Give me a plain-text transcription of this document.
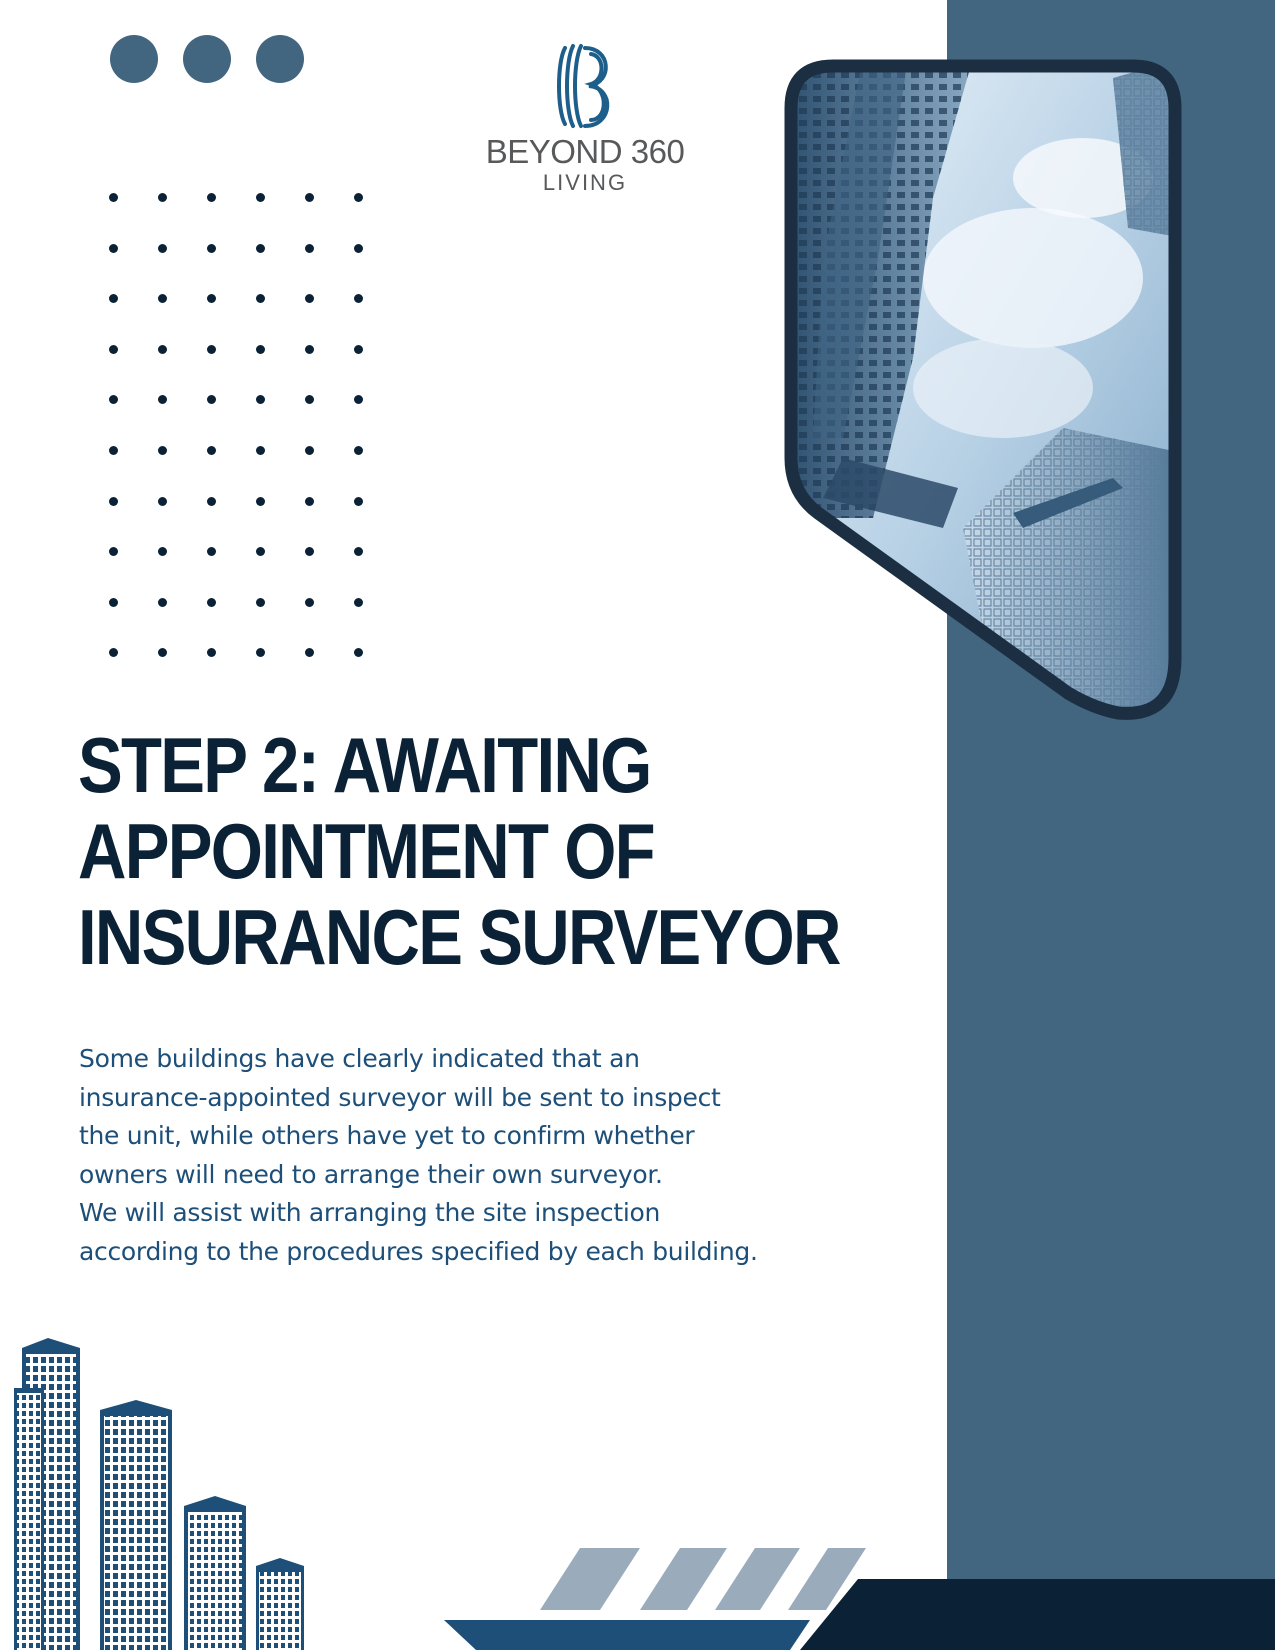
BEYOND 360
LIVING
STEP 2: AWAITING
APPOINTMENT OF
INSURANCE SURVEYOR

Some buildings have clearly indicated that an
insurance-appointed surveyor will be sent to inspect
the unit, while others have yet to confirm whether
owners will need to arrange their own surveyor.
We will assist with arranging the site inspection
according to the procedures specified by each building.
